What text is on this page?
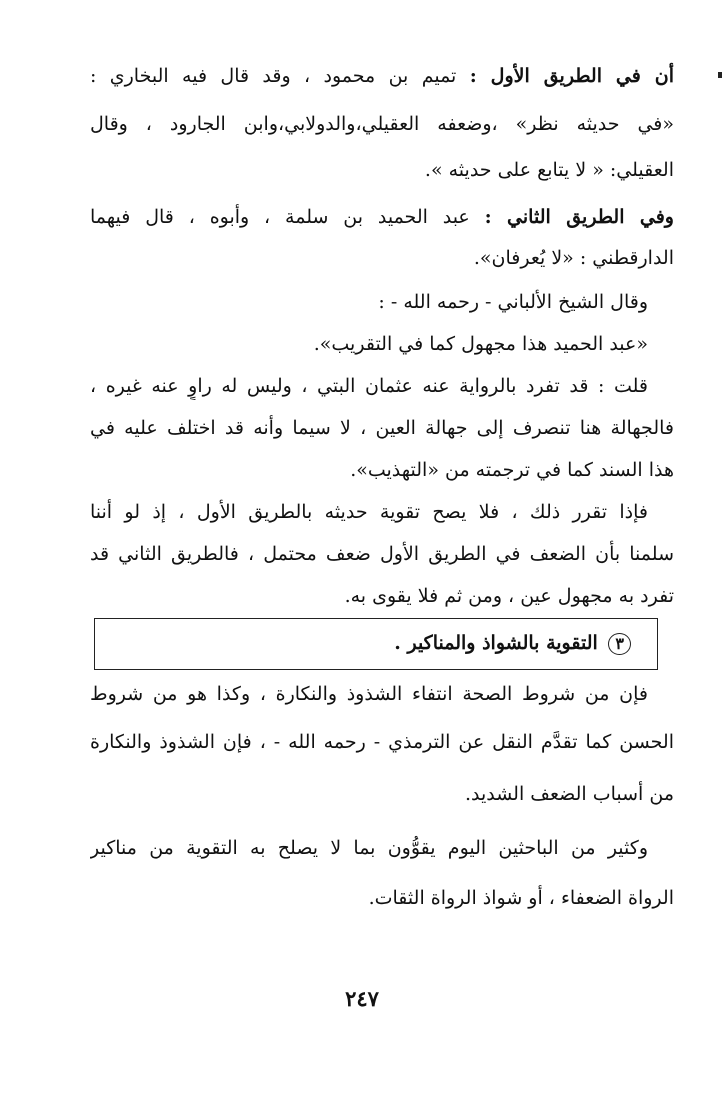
أن في الطريق الأول : تميم بن محمود ، وقد قال فيه البخاري :
«في حديثه نظر» ،وضعفه العقيلي،والدولابي،وابن الجارود ، وقال
العقيلي: « لا يتابع على حديثه ».
وفي الطريق الثاني : عبد الحميد بن سلمة ، وأبوه ، قال فيهما
الدارقطني : «لا يُعرفان».
وقال الشيخ الألباني - رحمه الله - :
«عبد الحميد هذا مجهول كما في التقريب».
قلت : قد تفرد بالرواية عنه عثمان البتي ، وليس له راوٍ عنه غيره ،
فالجهالة هنا تنصرف إلى جهالة العين ، لا سيما وأنه قد اختلف عليه في
هذا السند كما في ترجمته من «التهذيب».
فإذا تقرر ذلك ، فلا يصح تقوية حديثه بالطريق الأول ، إذ لو أننا
سلمنا بأن الضعف في الطريق الأول ضعف محتمل ، فالطريق الثاني قد
تفرد به مجهول عين ، ومن ثم فلا يقوى به.
٣ التقوية بالشواذ والمناكير .
فإن من شروط الصحة انتفاء الشذوذ والنكارة ، وكذا هو من شروط
الحسن كما تقدَّم النقل عن الترمذي - رحمه الله - ، فإن الشذوذ والنكارة
من أسباب الضعف الشديد.
وكثير من الباحثين اليوم يقوُّون بما لا يصلح به التقوية من مناكير
الرواة الضعفاء ، أو شواذ الرواة الثقات.
٢٤٧
